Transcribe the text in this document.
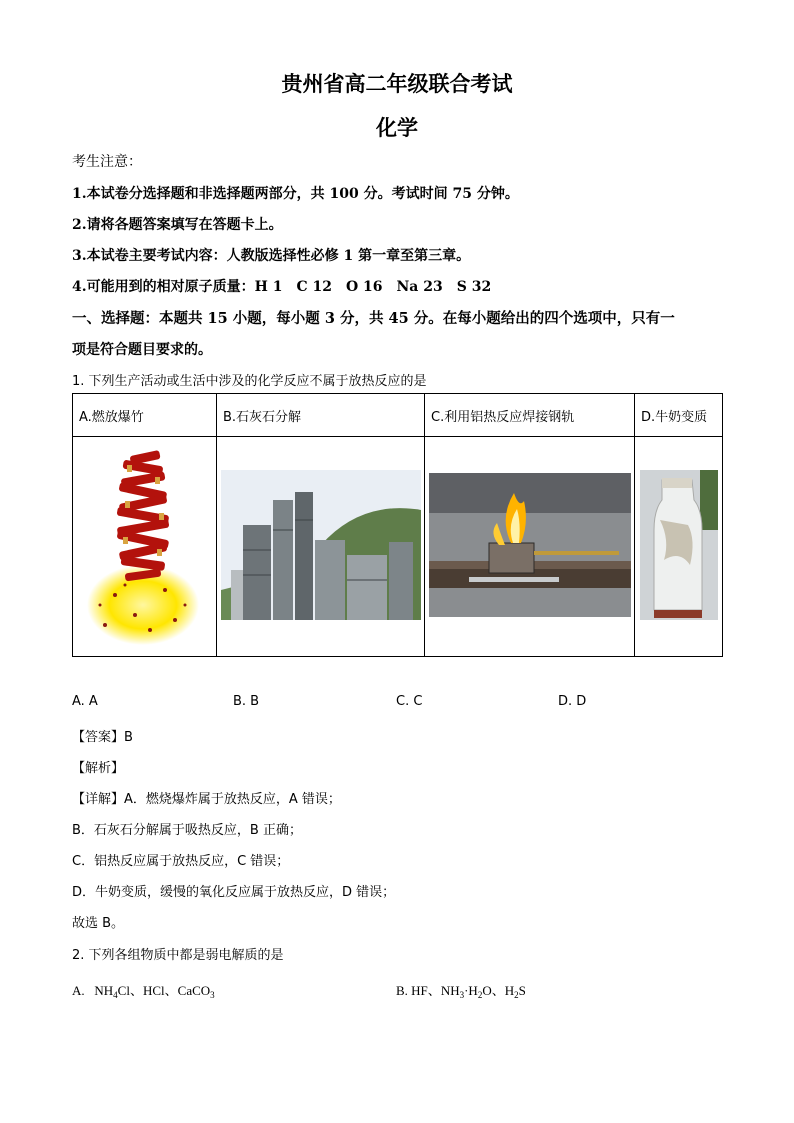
贵州省高二年级联合考试
化学
考生注意：
1.本试卷分选择题和非选择题两部分，共 100 分。考试时间 75 分钟。
2.请将各题答案填写在答题卡上。
3.本试卷主要考试内容：人教版选择性必修 1 第一章至第三章。
4.可能用到的相对原子质量：H 1　C 12　O 16　Na 23　S 32
一、选择题：本题共 15 小题，每小题 3 分，共 45 分。在每小题给出的四个选项中，只有一
项是符合题目要求的。
1. 下列生产活动或生活中涉及的化学反应不属于放热反应的是
A.燃放爆竹	B.石灰石分解	C.利用铝热反应焊接钢轨	D.牛奶变质

A. A	B. B	C. C	D. D
【答案】B
【解析】
【详解】A．燃烧爆炸属于放热反应，A 错误；
B．石灰石分解属于吸热反应，B 正确；
C．铝热反应属于放热反应，C 错误；
D．牛奶变质，缓慢的氧化反应属于放热反应，D 错误；
故选 B。
2. 下列各组物质中都是弱电解质的是
A. $NH_4Cl$、HCl、CaCO$_3$	B. HF、$NH_3\cdot H_2O$、$H_2S$
